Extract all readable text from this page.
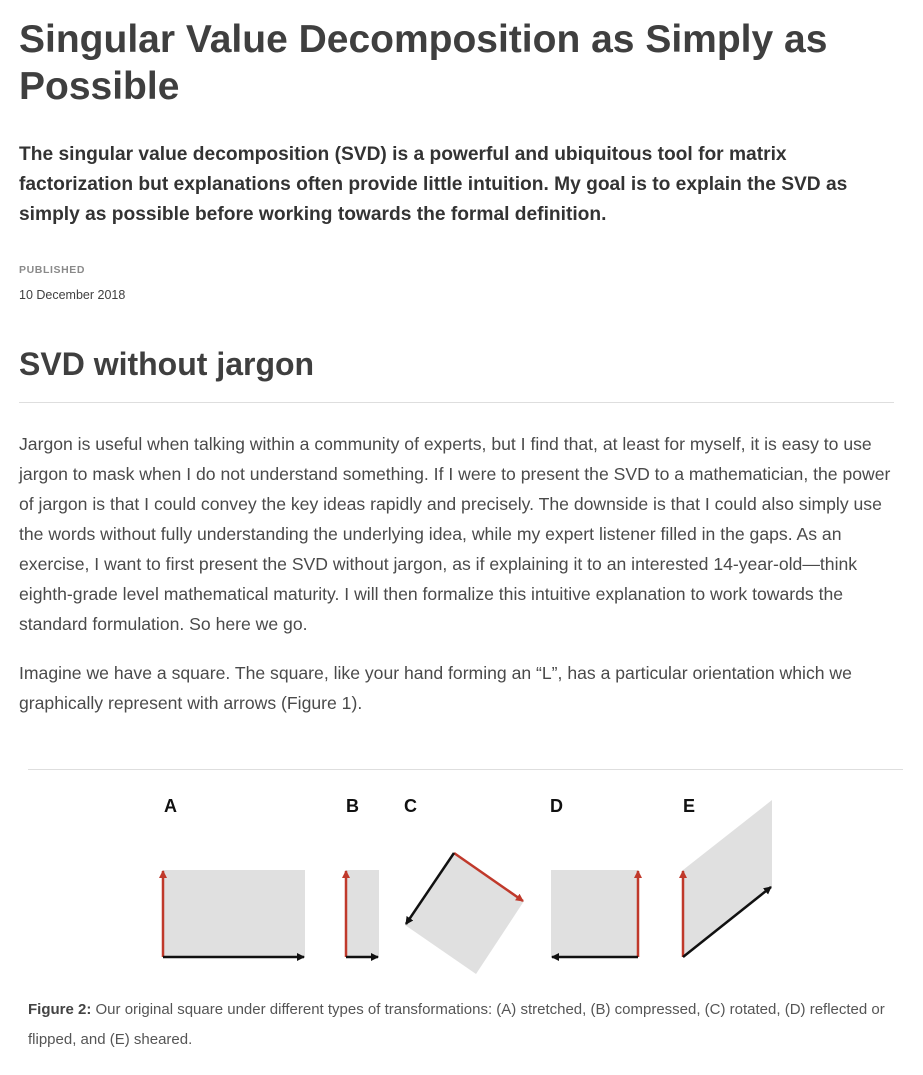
Singular Value Decomposition as Simply as Possible

The singular value decomposition (SVD) is a powerful and ubiquitous tool for matrix factorization but explanations often provide little intuition. My goal is to explain the SVD as simply as possible before working towards the formal definition.

PUBLISHED
10 December 2018
SVD without jargon

Jargon is useful when talking within a community of experts, but I find that, at least for myself, it is easy to use jargon to mask when I do not understand something. If I were to present the SVD to a mathematician, the power of jargon is that I could convey the key ideas rapidly and precisely. The downside is that I could also simply use the words without fully understanding the underlying idea, while my expert listener filled in the gaps. As an exercise, I want to first present the SVD without jargon, as if explaining it to an interested 14-year-old—think eighth-grade level mathematical maturity. I will then formalize this intuitive explanation to work towards the standard formulation. So here we go.

Imagine we have a square. The square, like your hand forming an “L”, has a particular orientation which we graphically represent with arrows (Figure 1).

A	B	C	D	E

Figure 2: Our original square under different types of transformations: (A) stretched, (B) compressed, (C) rotated, (D) reflected or flipped, and (E) sheared.
